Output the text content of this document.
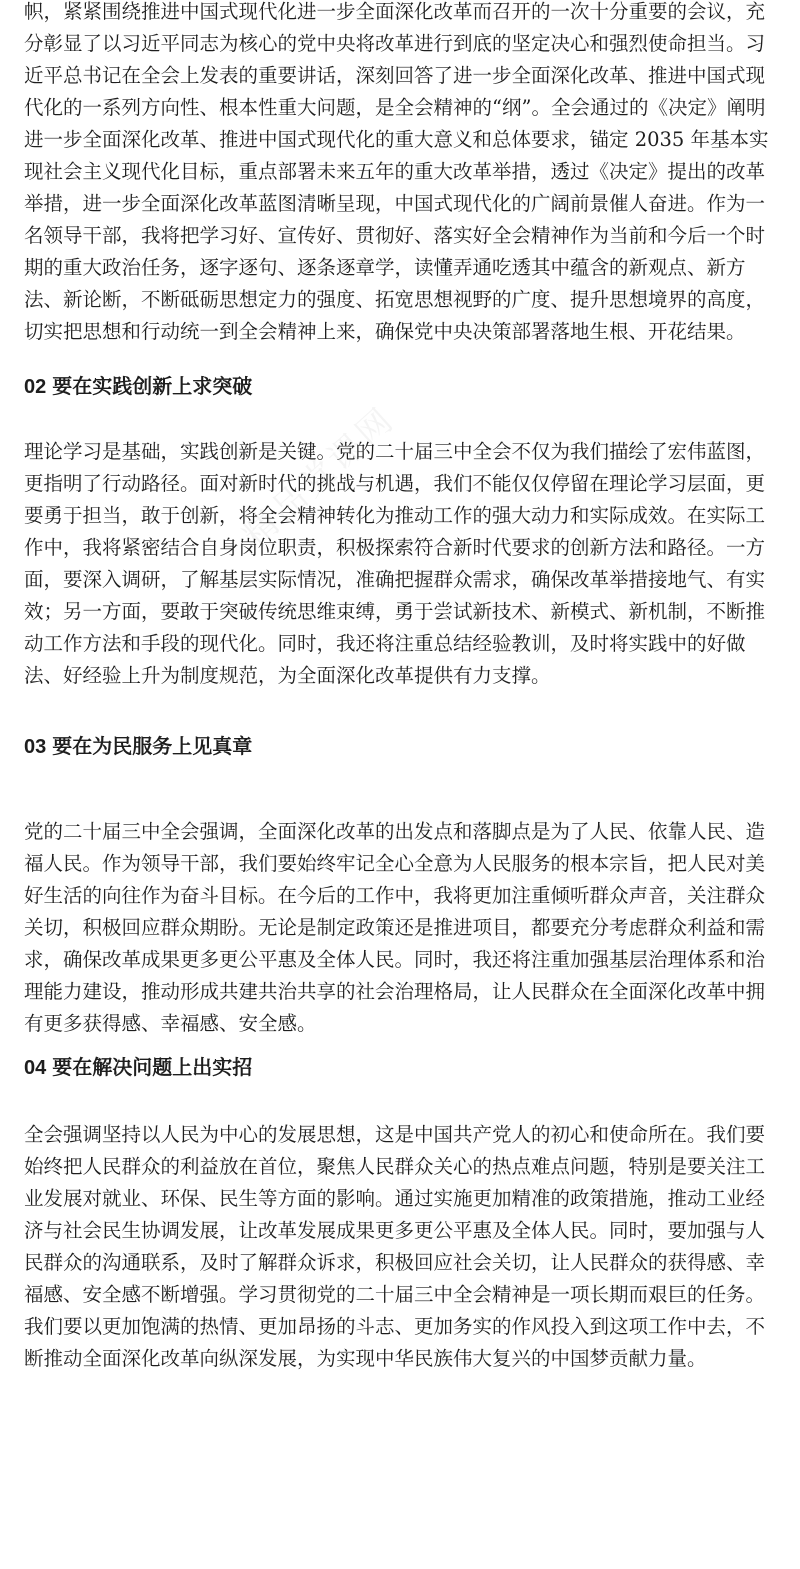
帜，紧紧围绕推进中国式现代化进一步全面深化改革而召开的一次十分重要的会议，充分彰显了以习近平同志为核心的党中央将改革进行到底的坚定决心和强烈使命担当。习近平总书记在全会上发表的重要讲话，深刻回答了进一步全面深化改革、推进中国式现代化的一系列方向性、根本性重大问题，是全会精神的“纲”。全会通过的《决定》阐明进一步全面深化改革、推进中国式现代化的重大意义和总体要求，锚定 2035 年基本实现社会主义现代化目标，重点部署未来五年的重大改革举措，透过《决定》提出的改革举措，进一步全面深化改革蓝图清晰呈现，中国式现代化的广阔前景催人奋进。作为一名领导干部，我将把学习好、宣传好、贯彻好、落实好全会精神作为当前和今后一个时期的重大政治任务，逐字逐句、逐条逐章学，读懂弄通吃透其中蕴含的新观点、新方法、新论断，不断砥砺思想定力的强度、拓宽思想视野的广度、提升思想境界的高度，切实把思想和行动统一到全会精神上来，确保党中央决策部署落地生根、开花结果。

02 要在实践创新上求突破

理论学习是基础，实践创新是关键。党的二十届三中全会不仅为我们描绘了宏伟蓝图，更指明了行动路径。面对新时代的挑战与机遇，我们不能仅仅停留在理论学习层面，更要勇于担当，敢于创新，将全会精神转化为推动工作的强大动力和实际成效。在实际工作中，我将紧密结合自身岗位职责，积极探索符合新时代要求的创新方法和路径。一方面，要深入调研，了解基层实际情况，准确把握群众需求，确保改革举措接地气、有实效；另一方面，要敢于突破传统思维束缚，勇于尝试新技术、新模式、新机制，不断推动工作方法和手段的现代化。同时，我还将注重总结经验教训，及时将实践中的好做法、好经验上升为制度规范，为全面深化改革提供有力支撑。

03 要在为民服务上见真章

党的二十届三中全会强调，全面深化改革的出发点和落脚点是为了人民、依靠人民、造福人民。作为领导干部，我们要始终牢记全心全意为人民服务的根本宗旨，把人民对美好生活的向往作为奋斗目标。在今后的工作中，我将更加注重倾听群众声音，关注群众关切，积极回应群众期盼。无论是制定政策还是推进项目，都要充分考虑群众利益和需求，确保改革成果更多更公平惠及全体人民。同时，我还将注重加强基层治理体系和治理能力建设，推动形成共建共治共享的社会治理格局，让人民群众在全面深化改革中拥有更多获得感、幸福感、安全感。

04 要在解决问题上出实招

全会强调坚持以人民为中心的发展思想，这是中国共产党人的初心和使命所在。我们要始终把人民群众的利益放在首位，聚焦人民群众关心的热点难点问题，特别是要关注工业发展对就业、环保、民生等方面的影响。通过实施更加精准的政策措施，推动工业经济与社会民生协调发展，让改革发展成果更多更公平惠及全体人民。同时，要加强与人民群众的沟通联系，及时了解群众诉求，积极回应社会关切，让人民群众的获得感、幸福感、安全感不断增强。学习贯彻党的二十届三中全会精神是一项长期而艰巨的任务。我们要以更加饱满的热情、更加昂扬的斗志、更加务实的作风投入到这项工作中去，不断推动全面深化改革向纵深发展，为实现中华民族伟大复兴的中国梦贡献力量。

精品党课网
